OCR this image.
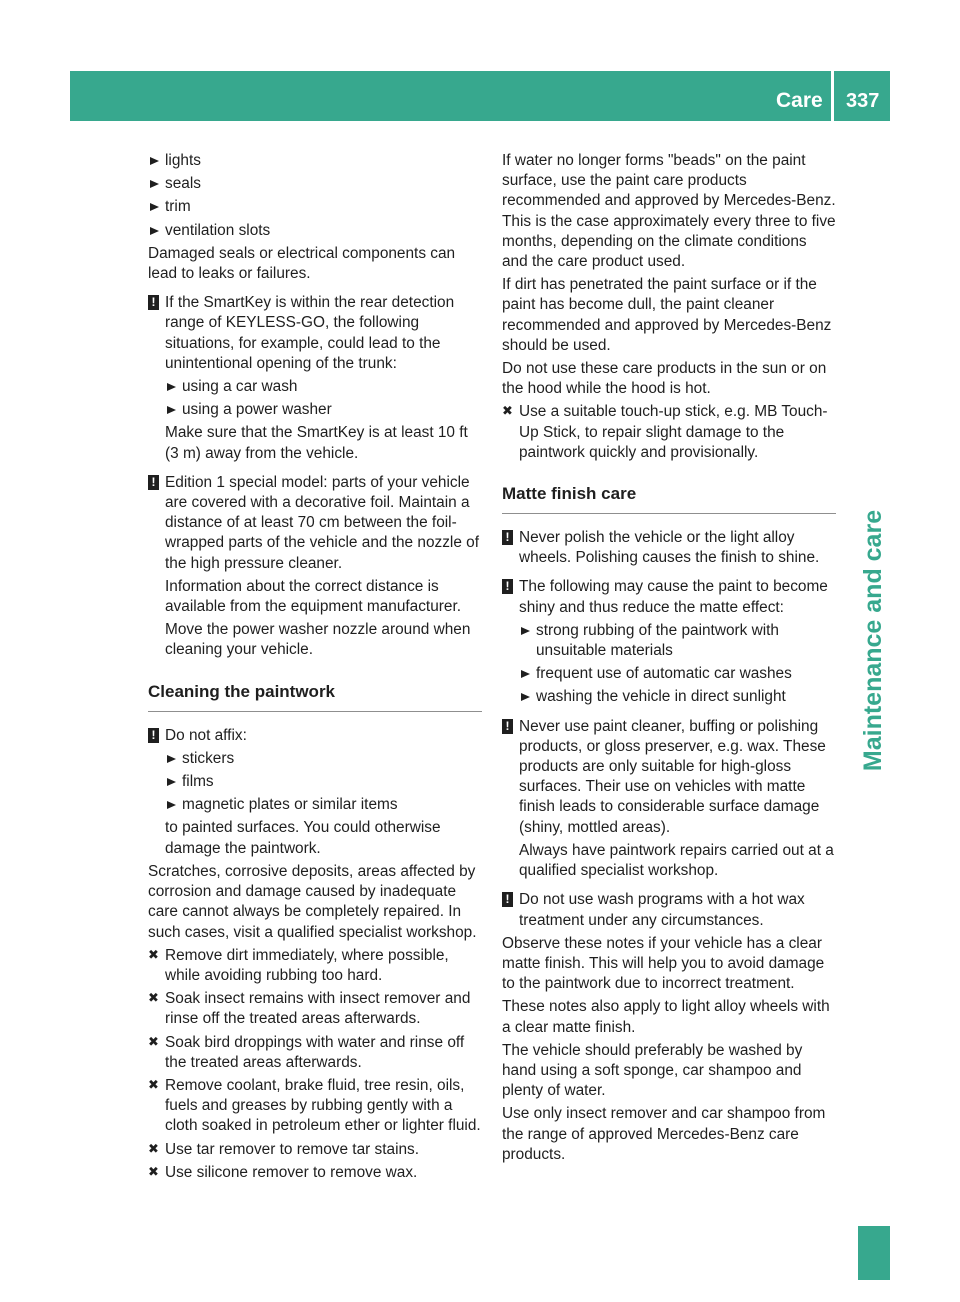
Care 337
Maintenance and care
lights
seals
trim
ventilation slots

Damaged seals or electrical components can lead to leaks or failures.

! If the SmartKey is within the rear detection range of KEYLESS-GO, the following situations, for example, could lead to the unintentional opening of the trunk:

using a car wash
using a power washer

Make sure that the SmartKey is at least 10 ft (3 m) away from the vehicle.

! Edition 1 special model: parts of your vehicle are covered with a decorative foil. Maintain a distance of at least 70 cm between the foil-wrapped parts of the vehicle and the nozzle of the high pressure cleaner.

Information about the correct distance is available from the equipment manufacturer.

Move the power washer nozzle around when cleaning your vehicle.

Cleaning the paintwork
! Do not affix:

stickers
films
magnetic plates or similar items

to painted surfaces. You could otherwise damage the paintwork.

Scratches, corrosive deposits, areas affected by corrosion and damage caused by inadequate care cannot always be completely repaired. In such cases, visit a qualified specialist workshop.

✖ Remove dirt immediately, where possible, while avoiding rubbing too hard.
✖ Soak insect remains with insect remover and rinse off the treated areas afterwards.
✖ Soak bird droppings with water and rinse off the treated areas afterwards.
✖ Remove coolant, brake fluid, tree resin, oils, fuels and greases by rubbing gently with a cloth soaked in petroleum ether or lighter fluid.
✖ Use tar remover to remove tar stains.
✖ Use silicone remover to remove wax.

If water no longer forms "beads" on the paint surface, use the paint care products recommended and approved by Mercedes-Benz. This is the case approximately every three to five months, depending on the climate conditions and the care product used.

If dirt has penetrated the paint surface or if the paint has become dull, the paint cleaner recommended and approved by Mercedes-Benz should be used.

Do not use these care products in the sun or on the hood while the hood is hot.

✖ Use a suitable touch-up stick, e.g. MB Touch-Up Stick, to repair slight damage to the paintwork quickly and provisionally.
Matte finish care
! Never polish the vehicle or the light alloy wheels. Polishing causes the finish to shine.

! The following may cause the paint to become shiny and thus reduce the matte effect:

strong rubbing of the paintwork with unsuitable materials
frequent use of automatic car washes
washing the vehicle in direct sunlight
! Never use paint cleaner, buffing or polishing products, or gloss preserver, e.g. wax. These products are only suitable for high-gloss surfaces. Their use on vehicles with matte finish leads to considerable surface damage (shiny, mottled areas).

Always have paintwork repairs carried out at a qualified specialist workshop.

! Do not use wash programs with a hot wax treatment under any circumstances.

Observe these notes if your vehicle has a clear matte finish. This will help you to avoid damage to the paintwork due to incorrect treatment.

These notes also apply to light alloy wheels with a clear matte finish.

The vehicle should preferably be washed by hand using a soft sponge, car shampoo and plenty of water.

Use only insect remover and car shampoo from the range of approved Mercedes-Benz care products.
